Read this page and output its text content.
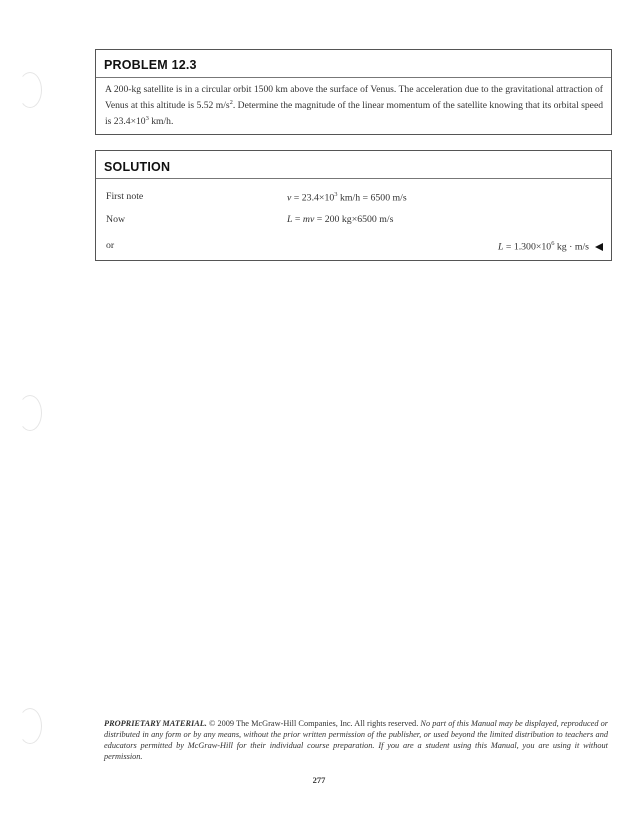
PROBLEM 12.3
A 200-kg satellite is in a circular orbit 1500 km above the surface of Venus. The acceleration due to the gravitational attraction of Venus at this altitude is 5.52 $m/s^2$. Determine the magnitude of the linear momentum of the satellite knowing that its orbital speed is $23.4\times 10^3$ km/h.
SOLUTION
First note	$v = 23.4\times 10^3$ km/h = 6500 m/s
Now	L = mv = 200 kg×6500 m/s
or	$L = 1.300\times 10^6$ kg · m/s
PROPRIETARY MATERIAL. © 2009 The McGraw-Hill Companies, Inc. All rights reserved. No part of this Manual may be displayed, reproduced or distributed in any form or by any means, without the prior written permission of the publisher, or used beyond the limited distribution to teachers and educators permitted by McGraw-Hill for their individual course preparation. If you are a student using this Manual, you are using it without permission.
277
